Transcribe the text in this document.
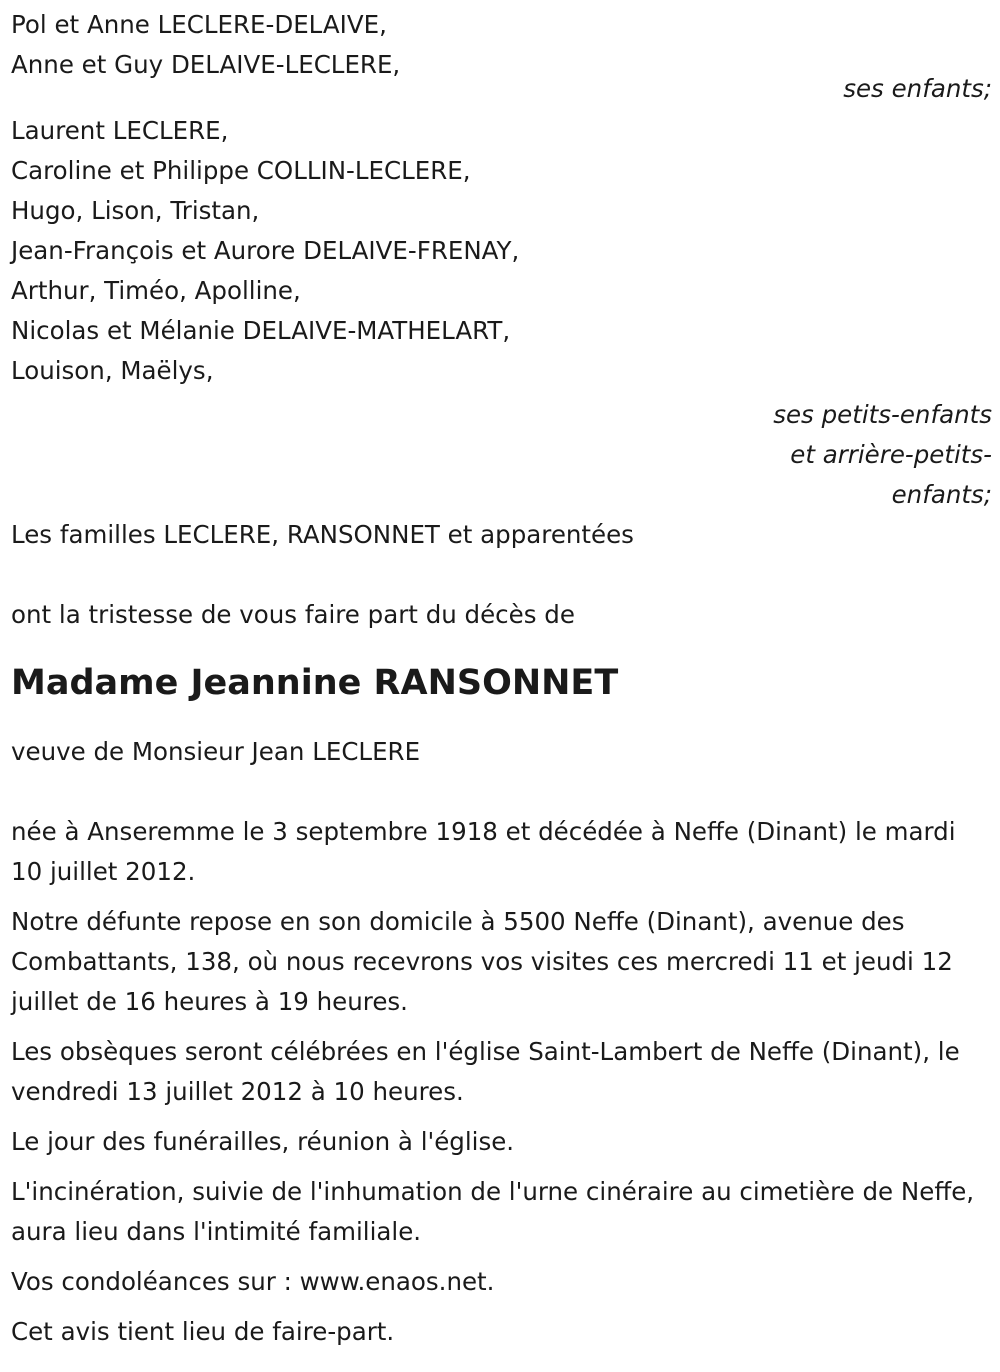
Pol et Anne LECLERE-DELAIVE,
Anne et Guy DELAIVE-LECLERE,
ses enfants;
Laurent LECLERE,
Caroline et Philippe COLLIN-LECLERE,
Hugo, Lison, Tristan,
Jean-François et Aurore DELAIVE-FRENAY,
Arthur, Timéo, Apolline,
Nicolas et Mélanie DELAIVE-MATHELART,
Louison, Maëlys,
ses petits-enfants
et arrière-petits-
enfants;
Les familles LECLERE, RANSONNET et apparentées
ont la tristesse de vous faire part du décès de
Madame Jeannine RANSONNET
veuve de Monsieur Jean LECLERE
née à Anseremme le 3 septembre 1918 et décédée à Neffe (Dinant) le mardi 10 juillet 2012.
Notre défunte repose en son domicile à 5500 Neffe (Dinant), avenue des Combattants, 138, où nous recevrons vos visites ces mercredi 11 et jeudi 12 juillet de 16 heures à 19 heures.
Les obsèques seront célébrées en l'église Saint-Lambert de Neffe (Dinant), le vendredi 13 juillet 2012 à 10 heures.
Le jour des funérailles, réunion à l'église.
L'incinération, suivie de l'inhumation de l'urne cinéraire au cimetière de Neffe, aura lieu dans l'intimité familiale.
Vos condoléances sur : www.enaos.net.
Cet avis tient lieu de faire-part.
